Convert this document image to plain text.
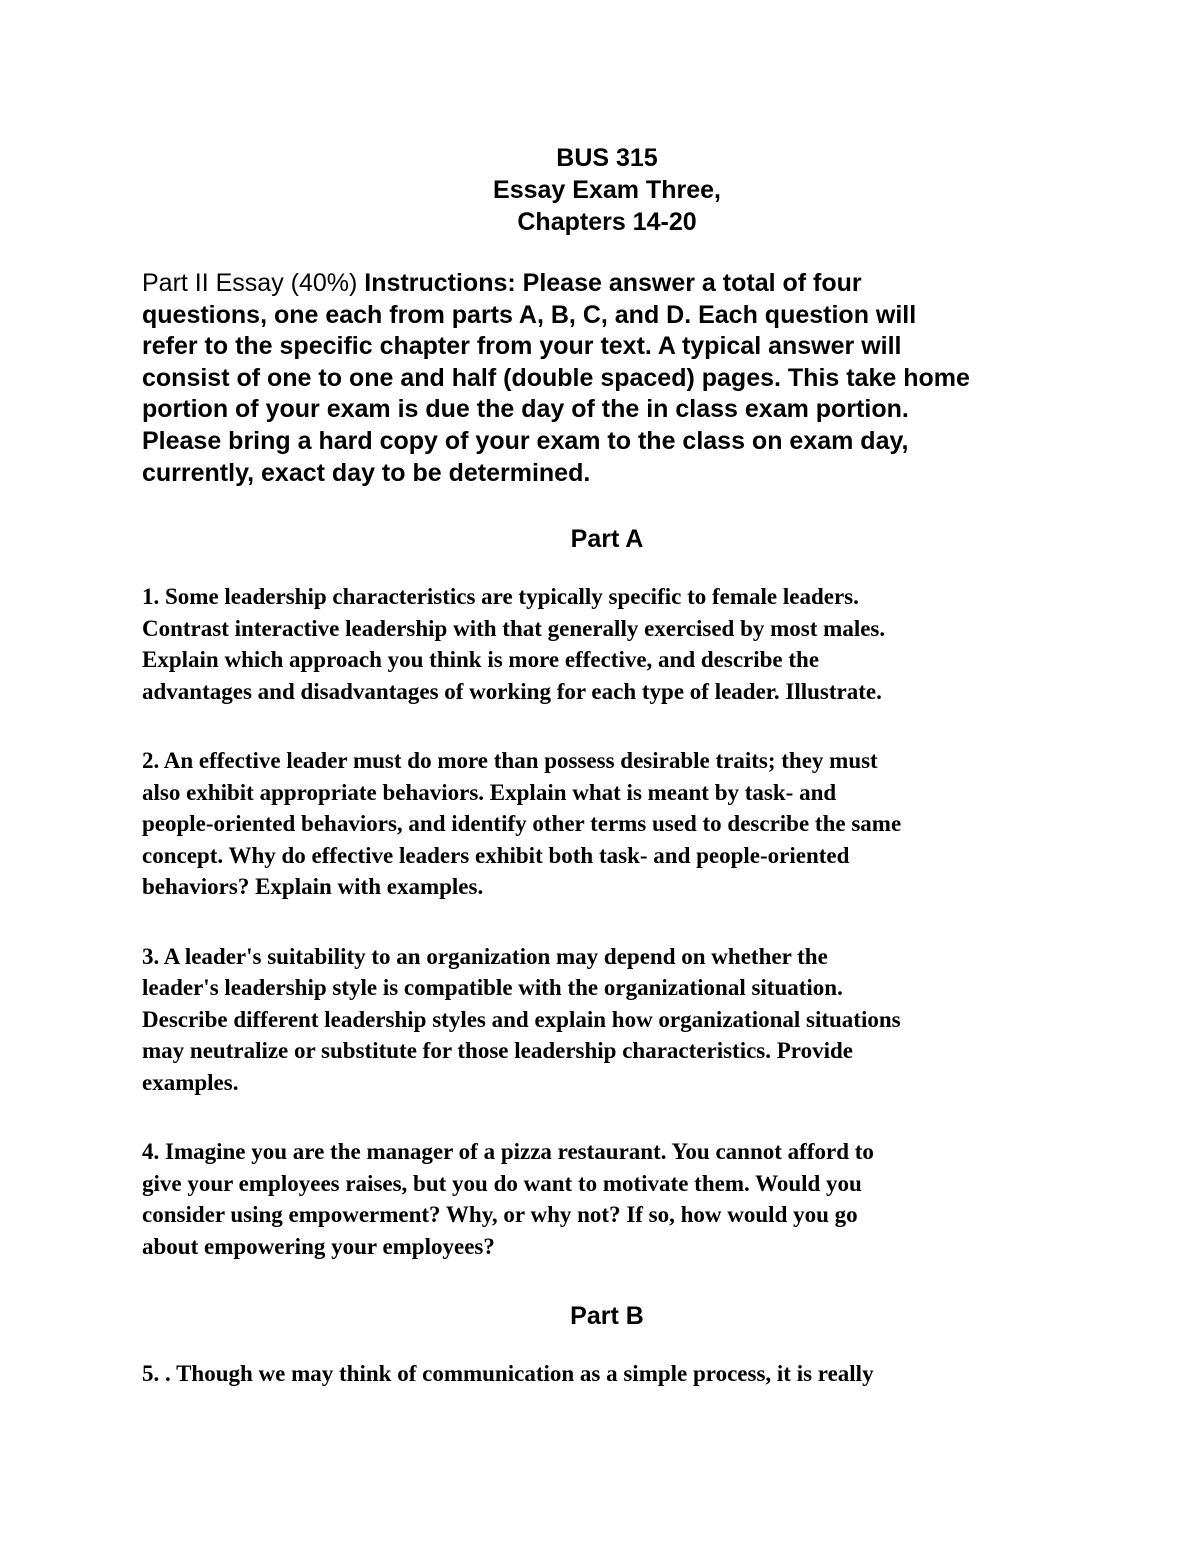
BUS 315
Essay Exam Three,
Chapters 14-20
Part II Essay (40%) Instructions: Please answer a total of four
questions, one each from parts A, B, C, and D. Each question will
refer to the specific chapter from your text. A typical answer will
consist of one to one and half (double spaced) pages. This take home
portion of your exam is due the day of the in class exam portion.
Please bring a hard copy of your exam to the class on exam day,
currently, exact day to be determined.
Part A
1. Some leadership characteristics are typically specific to female leaders.
Contrast interactive leadership with that generally exercised by most males.
Explain which approach you think is more effective, and describe the
advantages and disadvantages of working for each type of leader. Illustrate.
2. An effective leader must do more than possess desirable traits; they must
also exhibit appropriate behaviors. Explain what is meant by task- and
people-oriented behaviors, and identify other terms used to describe the same
concept. Why do effective leaders exhibit both task- and people-oriented
behaviors? Explain with examples.
3. A leader's suitability to an organization may depend on whether the
leader's leadership style is compatible with the organizational situation.
Describe different leadership styles and explain how organizational situations
may neutralize or substitute for those leadership characteristics. Provide
examples.
4. Imagine you are the manager of a pizza restaurant. You cannot afford to
give your employees raises, but you do want to motivate them. Would you
consider using empowerment? Why, or why not? If so, how would you go
about empowering your employees?
Part B
5. . Though we may think of communication as a simple process, it is really
